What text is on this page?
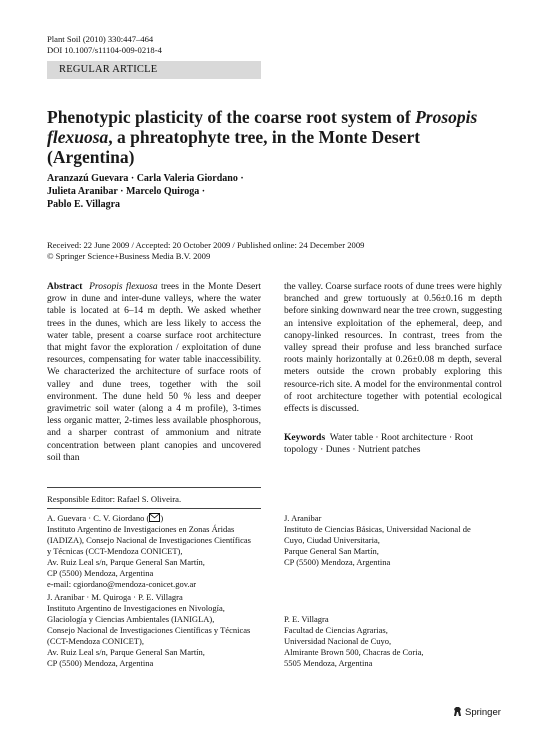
Plant Soil (2010) 330:447–464
DOI 10.1007/s11104-009-0218-4
REGULAR ARTICLE
Phenotypic plasticity of the coarse root system of Prosopis flexuosa, a phreatophyte tree, in the Monte Desert (Argentina)
Aranzazú Guevara · Carla Valeria Giordano ·
Julieta Aranibar · Marcelo Quiroga ·
Pablo E. Villagra
Received: 22 June 2009 / Accepted: 20 October 2009 / Published online: 24 December 2009
© Springer Science+Business Media B.V. 2009
Abstract Prosopis flexuosa trees in the Monte Desert grow in dune and inter-dune valleys, where the water table is located at 6–14 m depth. We asked whether trees in the dunes, which are less likely to access the water table, present a coarse surface root architecture that might favor the exploration / exploitation of dune resources, compensating for water table inaccessibility. We characterized the architecture of surface roots of valley and dune trees, together with the soil environment. The dune held 50 % less and deeper gravimetric soil water (along a 4 m profile), 3-times less organic matter, 2-times less available phosphorous, and a sharper contrast of ammonium and nitrate concentration between plant canopies and uncovered soil than
the valley. Coarse surface roots of dune trees were highly branched and grew tortuously at 0.56±0.16 m depth before sinking downward near the tree crown, suggesting an intensive exploitation of the ephemeral, deep, and canopy-linked resources. In contrast, trees from the valley spread their profuse and less branched surface roots mainly horizontally at 0.26±0.08 m depth, several meters outside the crown probably exploring this resource-rich site. A model for the environmental control of root architecture together with potential ecological effects is discussed.
Keywords Water table · Root architecture · Root topology · Dunes · Nutrient patches
Responsible Editor: Rafael S. Oliveira.
A. Guevara · C. V. Giordano ( )
Instituto Argentino de Investigaciones en Zonas Áridas
(IADIZA), Consejo Nacional de Investigaciones Científicas
y Técnicas (CCT-Mendoza CONICET),
Av. Ruiz Leal s/n, Parque General San Martín,
CP (5500) Mendoza, Argentina
e-mail: cgiordano@mendoza-conicet.gov.ar
J. Aranibar · M. Quiroga · P. E. Villagra
Instituto Argentino de Investigaciones en Nivología,
Glaciología y Ciencias Ambientales (IANIGLA),
Consejo Nacional de Investigaciones Científicas y Técnicas
(CCT-Mendoza CONICET),
Av. Ruiz Leal s/n, Parque General San Martín,
CP (5500) Mendoza, Argentina
J. Aranibar
Instituto de Ciencias Básicas, Universidad Nacional de
Cuyo, Ciudad Universitaria,
Parque General San Martín,
CP (5500) Mendoza, Argentina
P. E. Villagra
Facultad de Ciencias Agrarias,
Universidad Nacional de Cuyo,
Almirante Brown 500, Chacras de Coria,
5505 Mendoza, Argentina
Springer
